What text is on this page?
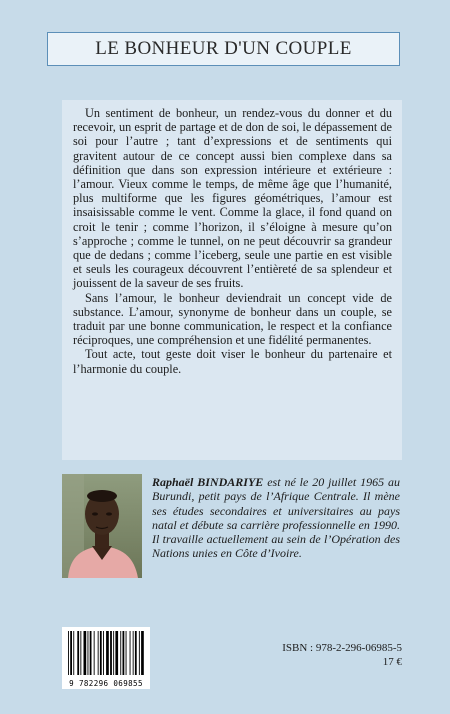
LE BONHEUR D'UN COUPLE

Un sentiment de bonheur, un rendez-vous du donner et du recevoir, un esprit de partage et de don de soi, le dépassement de soi pour l’autre ; tant d’expressions et de sentiments qui gravitent autour de ce concept aussi bien complexe dans sa définition que dans son expression intérieure et extérieure : l’amour. Vieux comme le temps, de même âge que l’humanité, plus multiforme que les figures géométriques, l’amour est insaisissable comme le vent. Comme la glace, il fond quand on croit le tenir ; comme l’horizon, il s’éloigne à mesure qu’on s’approche ; comme le tunnel, on ne peut découvrir sa grandeur que de dedans ; comme l’iceberg, seule une partie en est visible et seuls les courageux découvrent l’entièreté de sa splendeur et jouissent de la saveur de ses fruits.

Sans l’amour, le bonheur deviendrait un concept vide de substance. L’amour, synonyme de bonheur dans un couple, se traduit par une bonne communication, le respect et la confiance réciproques, une compréhension et une fidélité permanentes.

Tout acte, tout geste doit viser le bonheur du partenaire et l’harmonie du couple.

Raphaël BINDARIYE est né le 20 juillet 1965 au Burundi, petit pays de l’Afrique Centrale. Il mène ses études secondaires et universitaires au pays natal et débute sa carrière professionnelle en 1990. Il travaille actuellement au sein de l’Opération des Nations unies en Côte d’Ivoire.

9 782296 069855
ISBN : 978-2-296-06985-5
17 €
